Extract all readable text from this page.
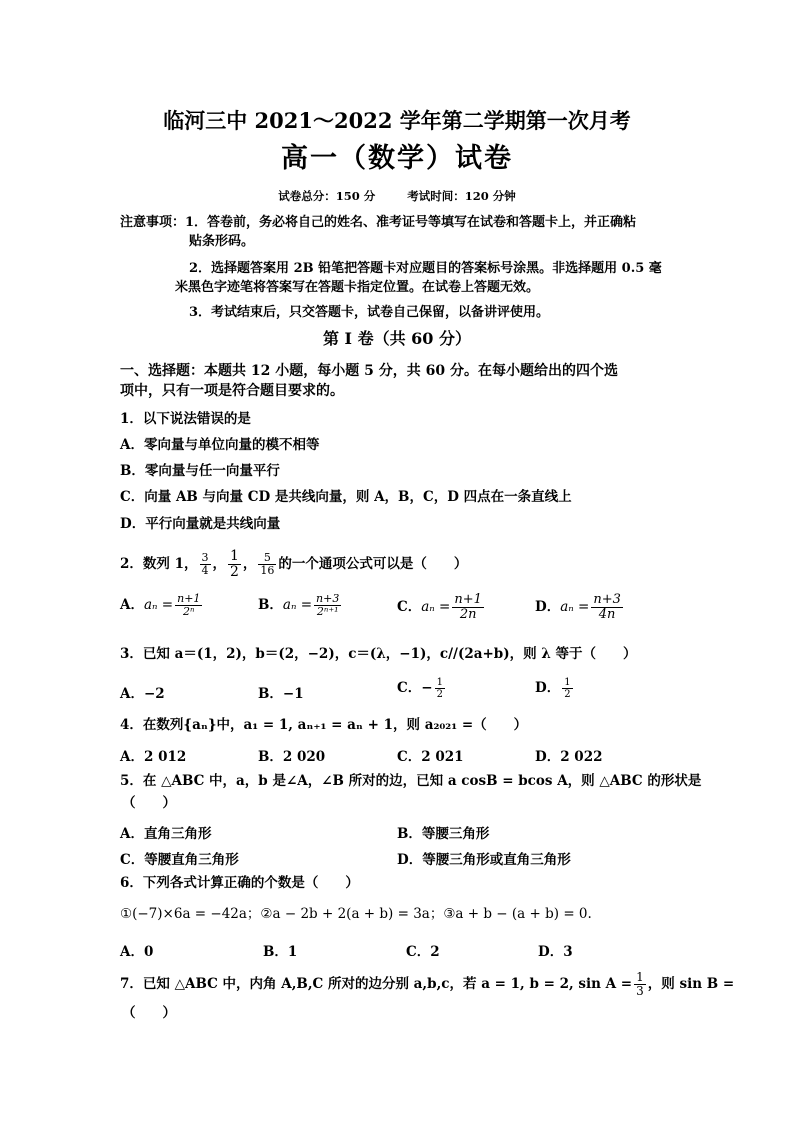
临河三中 2021～2022 学年第二学期第一次月考
高一（数学）试卷
试卷总分：150 分	考试时间：120 分钟
注意事项：1．答卷前，务必将自己的姓名、准考证号等填写在试卷和答题卡上，并正确粘
贴条形码。
2．选择题答案用 2B 铅笔把答题卡对应题目的答案标号涂黑。非选择题用 0.5 毫
米黑色字迹笔将答案写在答题卡指定位置。在试卷上答题无效。
3．考试结束后，只交答题卡，试卷自己保留，以备讲评使用。
第 Ⅰ 卷（共 60 分）
一、选择题：本题共 12 小题，每小题 5 分，共 60 分。在每小题给出的四个选
项中，只有一项是符合题目要求的。
1．以下说法错误的是
A．零向量与单位向量的模不相等
B．零向量与任一向量平行
C．向量 AB 与向量 CD 是共线向量，则 A，B，C，D 四点在一条直线上
D．平行向量就是共线向量
2．数列 1， $\frac{3}{4}$ ， $\frac{1}{2}$ ， $\frac{5}{16}$ 的一个通项公式可以是（　　）
A．$a_n = \frac{n+1}{\text{2ⁿ}}$	B．$a_n = \frac{n+3}{\text{2ⁿ⁺¹}}$	C．$a_n = \frac{n+1}{2n}$	D．$a_n = \frac{n+3}{4n}$
3．已知 a＝(1，2)，b＝(2，−2)，c＝(λ，−1)，c//(2a+b)，则 λ 等于（　　）
A．−2	B．−1	C．− $\frac{1}{2}$	D． $\frac{1}{2}$
4．在数列{aₙ}中，a₁ = 1, aₙ₊₁ = aₙ + 1，则 a₂₀₂₁ =（　　）
A．2 012	B．2 020	C．2 021	D．2 022
5．在 △ABC 中，a，b 是∠A，∠B 所对的边，已知 a cosB = bcos A，则 △ABC 的形状是
（　　）
A．直角三角形	B．等腰三角形
C．等腰直角三角形	D．等腰三角形或直角三角形
6．下列各式计算正确的个数是（　　）
①(−7)×6a = −42a；②a − 2b + 2(a + b) = 3a；③a + b − (a + b) = 0.
A．0	B．1	C．2	D．3
7．已知 △ABC 中，内角 A,B,C 所对的边分别 a,b,c，若 a = 1, b = 2, $\sin A = \frac{1}{3}$ ，则 sin B =
（　　）
